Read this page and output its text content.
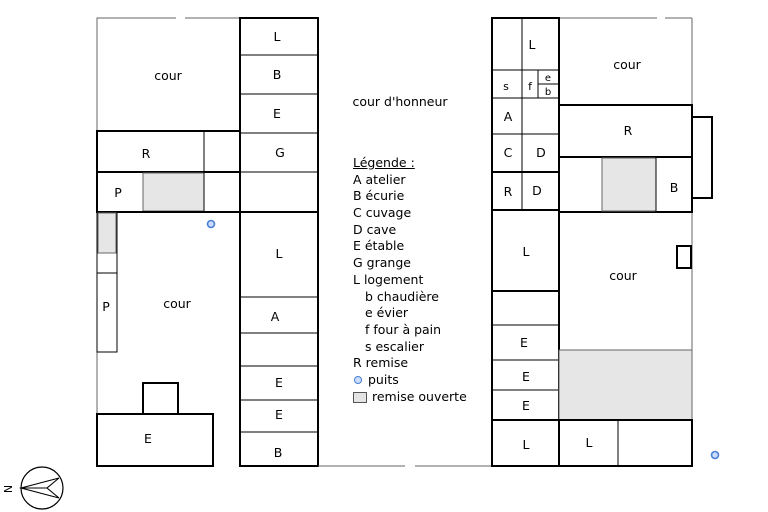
cour d'honneur
cour
L
B
E
R	G
P
L
cour
P
A
E
E
B
E
L
s f
e
b
A
C D
R D
cour
R
B
L
cour
E
E
E
L	L
N
Légende :
A atelier
B écurie
C cuvage
D cave
E étable
G grange
L logement
b chaudière
e évier
f four à pain
s escalier
R remise
puits
remise ouverte
